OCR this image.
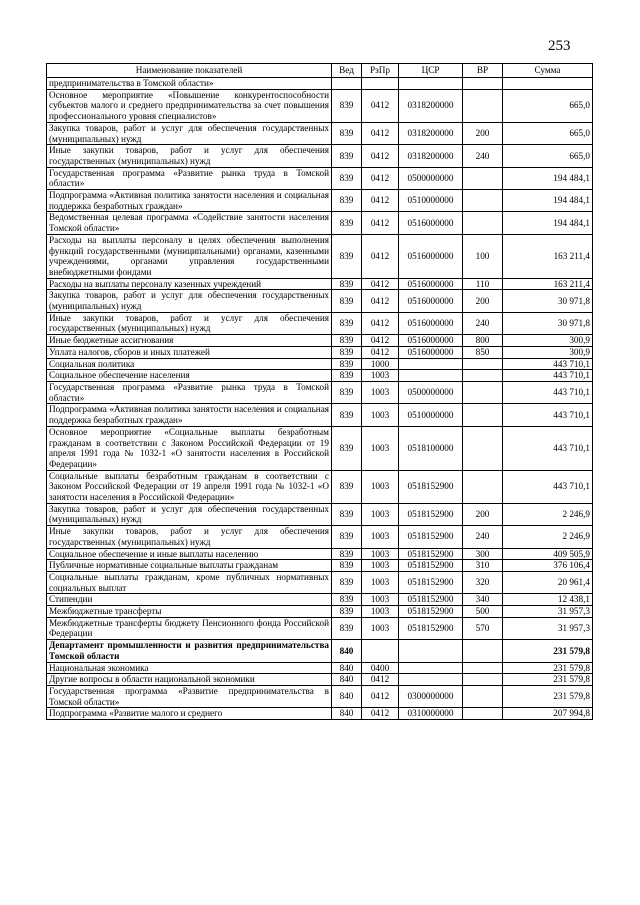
253
Наименование показателей	Вед	РзПр	ЦСР	ВР	Сумма
предпринимательства в Томской области»					
Основное мероприятие «Повышение конкурентоспособности субъектов малого и среднего предпринимательства за счет повышения профессионального уровня специалистов»	839	0412	0318200000		665,0
Закупка товаров, работ и услуг для обеспечения государственных (муниципальных) нужд	839	0412	0318200000	200	665,0
Иные закупки товаров, работ и услуг для обеспечения государственных (муниципальных) нужд	839	0412	0318200000	240	665,0
Государственная программа «Развитие рынка труда в Томской области»	839	0412	0500000000		194 484,1
Подпрограмма «Активная политика занятости населения и социальная поддержка безработных граждан»	839	0412	0510000000		194 484,1
Ведомственная целевая программа «Содействие занятости населения Томской области»	839	0412	0516000000		194 484,1
Расходы на выплаты персоналу в целях обеспечения выполнения функций государственными (муниципальными) органами, казенными учреждениями, органами управления государственными внебюджетными фондами	839	0412	0516000000	100	163 211,4
Расходы на выплаты персоналу казенных учреждений	839	0412	0516000000	110	163 211,4
Закупка товаров, работ и услуг для обеспечения государственных (муниципальных) нужд	839	0412	0516000000	200	30 971,8
Иные закупки товаров, работ и услуг для обеспечения государственных (муниципальных) нужд	839	0412	0516000000	240	30 971,8
Иные бюджетные ассигнования	839	0412	0516000000	800	300,9
Уплата налогов, сборов и иных платежей	839	0412	0516000000	850	300,9
Социальная политика	839	1000			443 710,1
Социальное обеспечение населения	839	1003			443 710,1
Государственная программа «Развитие рынка труда в Томской области»	839	1003	0500000000		443 710,1
Подпрограмма «Активная политика занятости населения и социальная поддержка безработных граждан»	839	1003	0510000000		443 710,1
Основное мероприятие «Социальные выплаты безработным гражданам в соответствии с Законом Российской Федерации от 19 апреля 1991 года № 1032-1 «О занятости населения в Российской Федерации»	839	1003	0518100000		443 710,1
Социальные выплаты безработным гражданам в соответствии с Законом Российской Федерации от 19 апреля 1991 года № 1032-1 «О занятости населения в Российской Федерации»	839	1003	0518152900		443 710,1
Закупка товаров, работ и услуг для обеспечения государственных (муниципальных) нужд	839	1003	0518152900	200	2 246,9
Иные закупки товаров, работ и услуг для обеспечения государственных (муниципальных) нужд	839	1003	0518152900	240	2 246,9
Социальное обеспечение и иные выплаты населению	839	1003	0518152900	300	409 505,9
Публичные нормативные социальные выплаты гражданам	839	1003	0518152900	310	376 106,4
Социальные выплаты гражданам, кроме публичных нормативных социальных выплат	839	1003	0518152900	320	20 961,4
Стипендии	839	1003	0518152900	340	12 438,1
Межбюджетные трансферты	839	1003	0518152900	500	31 957,3
Межбюджетные трансферты бюджету Пенсионного фонда Российской Федерации	839	1003	0518152900	570	31 957,3
Департамент промышленности и развития предпринимательства Томской области	840				231 579,8
Национальная экономика	840	0400			231 579,8
Другие вопросы в области национальной экономики	840	0412			231 579,8
Государственная программа «Развитие предпринимательства в Томской области»	840	0412	0300000000		231 579,8
Подпрограмма «Развитие малого и среднего	840	0412	0310000000		207 994,8
